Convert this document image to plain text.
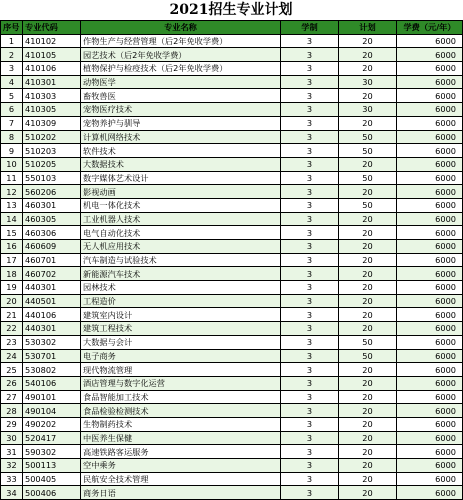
2021招生专业计划
序号	专业代码	专业名称	学制	计划	学费（元/年）
1	410102	作物生产与经营管理（后2年免收学费）	3	20	6000
2	410105	园艺技术（后2年免收学费）	3	20	6000
3	410106	植物保护与检疫技术（后2年免收学费）	3	20	6000
4	410301	动物医学	3	30	6000
5	410303	畜牧兽医	3	20	6000
6	410305	宠物医疗技术	3	30	6000
7	410309	宠物养护与驯导	3	20	6000
8	510202	计算机网络技术	3	50	6000
9	510203	软件技术	3	50	6000
10	510205	大数据技术	3	20	6000
11	550103	数字媒体艺术设计	3	50	6000
12	560206	影视动画	3	20	6000
13	460301	机电一体化技术	3	50	6000
14	460305	工业机器人技术	3	20	6000
15	460306	电气自动化技术	3	20	6000
16	460609	无人机应用技术	3	20	6000
17	460701	汽车制造与试验技术	3	20	6000
18	460702	新能源汽车技术	3	20	6000
19	440301	园林技术	3	20	6000
20	440501	工程造价	3	20	6000
21	440106	建筑室内设计	3	20	6000
22	440301	建筑工程技术	3	20	6000
23	530302	大数据与会计	3	50	6000
24	530701	电子商务	3	50	6000
25	530802	现代物流管理	3	20	6000
26	540106	酒店管理与数字化运营	3	20	6000
27	490101	食品智能加工技术	3	20	6000
28	490104	食品检验检测技术	3	20	6000
29	490202	生物制药技术	3	20	6000
30	520417	中医养生保健	3	20	6000
31	590302	高速铁路客运服务	3	20	6000
32	500113	空中乘务	3	20	6000
33	500405	民航安全技术管理	3	20	6000
34	500406	商务日语	3	20	6000
